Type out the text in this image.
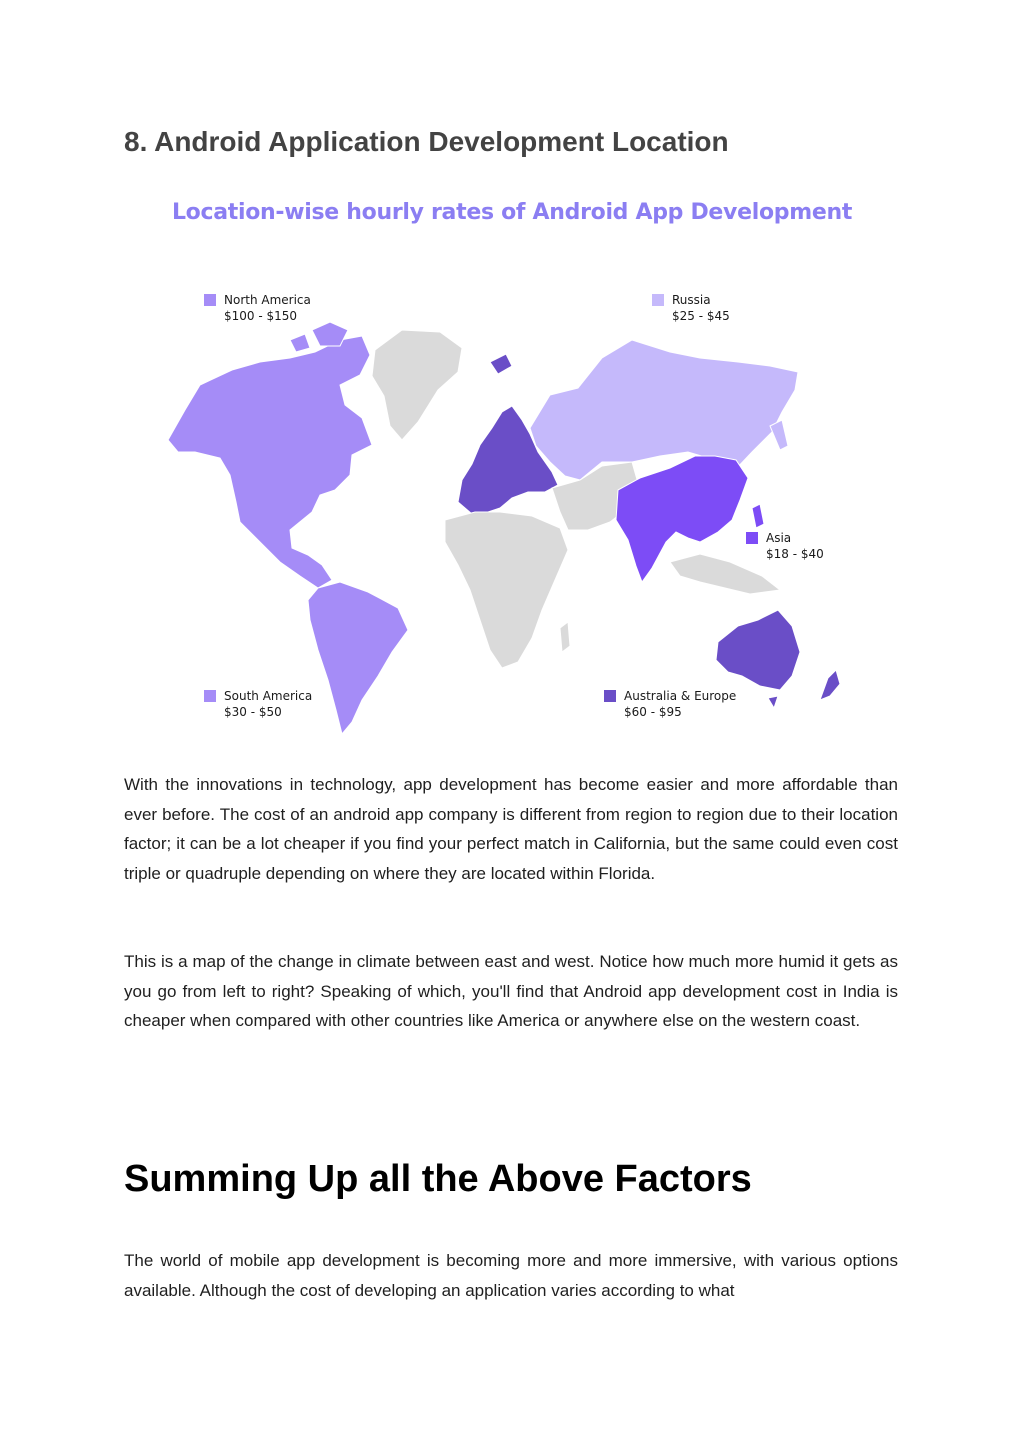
8. Android Application Development Location
Location-wise hourly rates of Android App Development
North America
$100 - $150
Russia
$25 - $45
Asia
$18 - $40
South America
$30 - $50
Australia & Europe
$60 - $95

With the innovations in technology, app development has become easier and more affordable than ever before. The cost of an android app company is different from region to region due to their location factor; it can be a lot cheaper if you find your perfect match in California, but the same could even cost triple or quadruple depending on where they are located within Florida.

This is a map of the change in climate between east and west. Notice how much more humid it gets as you go from left to right? Speaking of which, you'll find that Android app development cost in India is cheaper when compared with other countries like America or anywhere else on the western coast.

Summing Up all the Above Factors

The world of mobile app development is becoming more and more immersive, with various options available. Although the cost of developing an application varies according to what
